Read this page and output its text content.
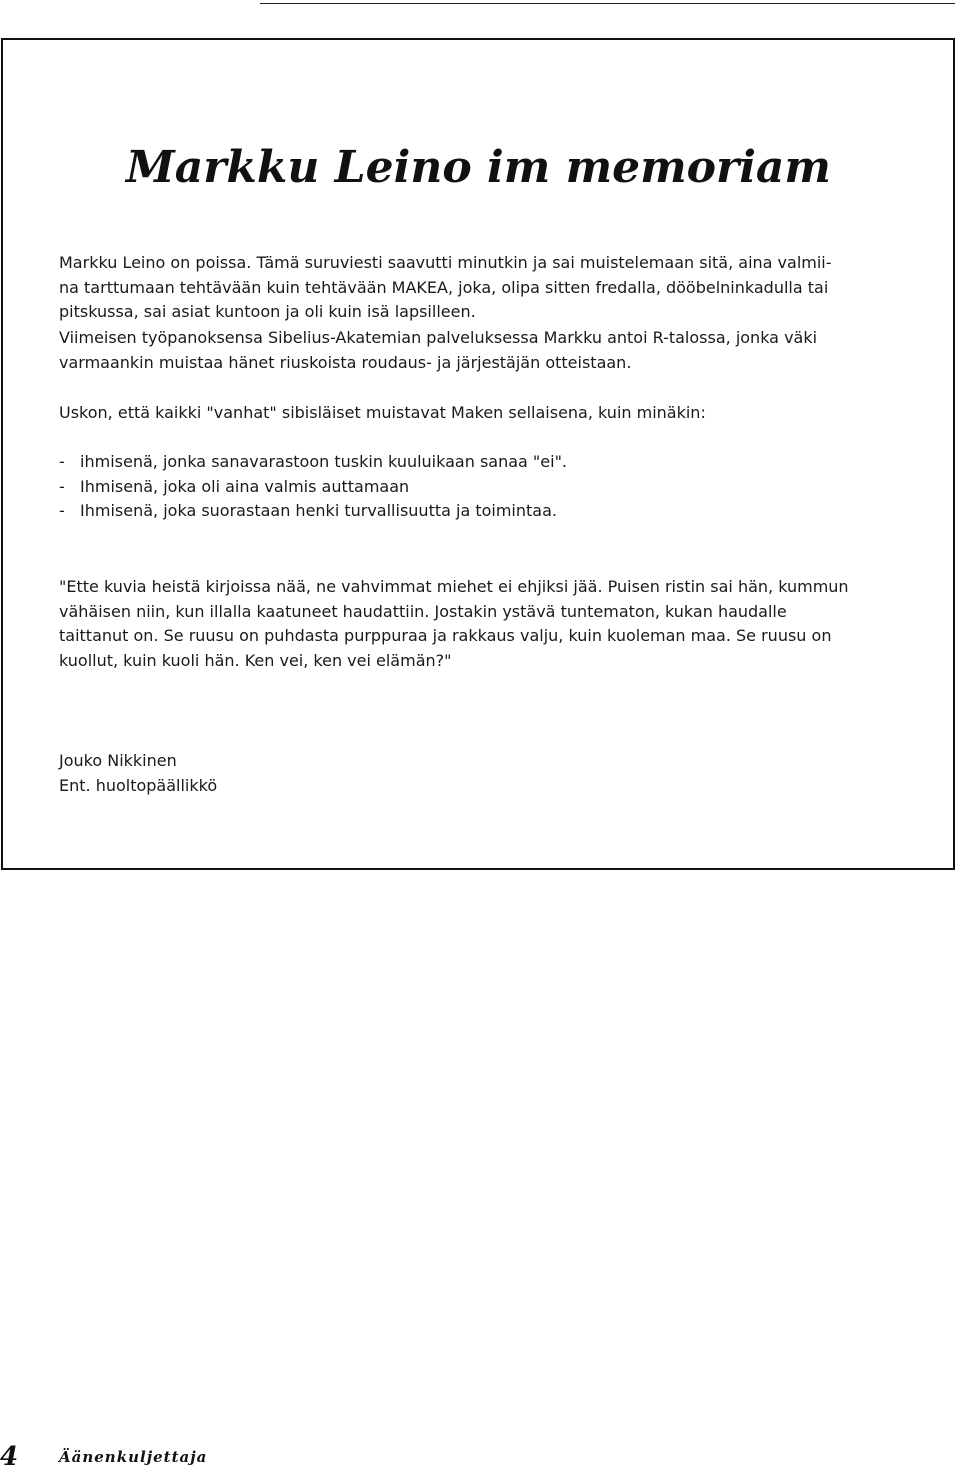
Markku Leino im memoriam

Markku Leino on poissa. Tämä suruviesti saavutti minutkin ja sai muistelemaan sitä, aina valmii-
na tarttumaan tehtävään kuin tehtävään MAKEA, joka, olipa sitten fredalla, dööbelninkadulla tai
pitskussa, sai asiat kuntoon ja oli kuin isä lapsilleen.

Viimeisen työpanoksensa Sibelius-Akatemian palveluksessa Markku antoi R-talossa, jonka väki
varmaankin muistaa hänet riuskoista roudaus- ja järjestäjän otteistaan.

Uskon, että kaikki "vanhat" sibisläiset muistavat Maken sellaisena, kuin minäkin:

-   ihmisenä, jonka sanavarastoon tuskin kuuluikaan sanaa "ei".
-   Ihmisenä, joka oli aina valmis auttamaan
-   Ihmisenä, joka suorastaan henki turvallisuutta ja toimintaa.

"Ette kuvia heistä kirjoissa nää, ne vahvimmat miehet ei ehjiksi jää. Puisen ristin sai hän, kummun
vähäisen niin, kun illalla kaatuneet haudattiin. Jostakin ystävä tuntematon, kukan haudalle
taittanut on. Se ruusu on puhdasta purppuraa ja rakkaus valju, kuin kuoleman maa. Se ruusu on
kuollut, kuin kuoli hän. Ken vei, ken vei elämän?"

Jouko Nikkinen
Ent. huoltopäällikkö
4	Äänenkuljettaja
